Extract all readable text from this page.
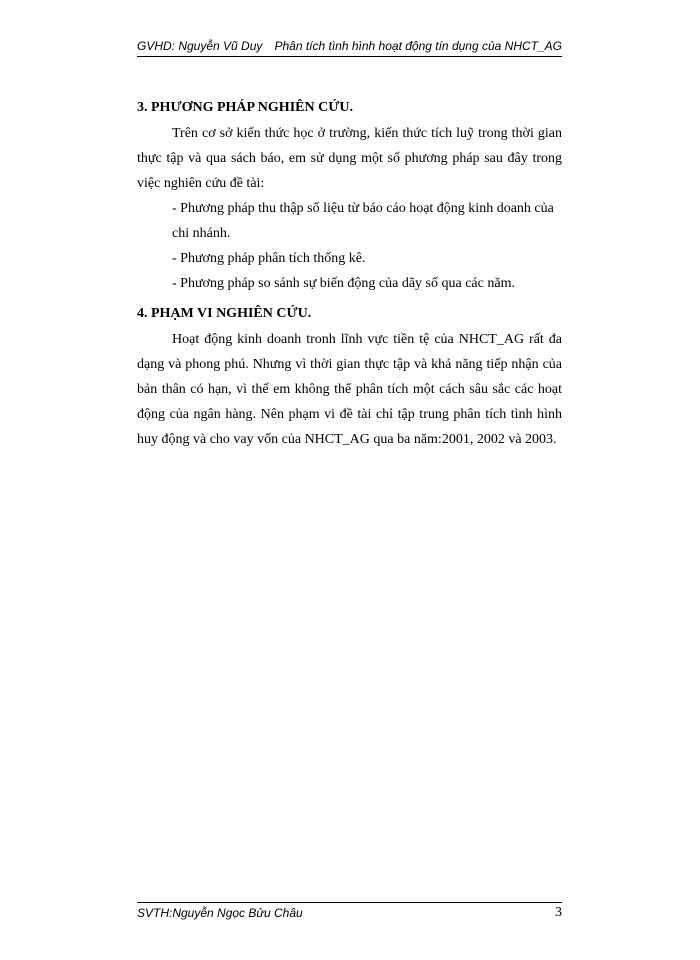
GVHD: Nguyễn Vũ Duy Phân tích tình hình hoạt động tín dụng của NHCT_AG
3. PHƯƠNG PHÁP NGHIÊN CỨU.

Trên cơ sở kiến thức học ở trường, kiến thức tích luỹ trong thời gian thực tập và qua sách báo, em sử dụng một số phương pháp sau đây trong việc nghiên cứu đề tài:

- Phương pháp thu thập số liệu từ báo cáo hoạt động kinh doanh của chi nhánh.

- Phương pháp phân tích thống kê.

- Phương pháp so sánh sự biến động của dãy số qua các năm.

4. PHẠM VI NGHIÊN CỨU.

Hoạt động kinh doanh tronh lĩnh vực tiền tệ của NHCT_AG rất đa dạng và phong phú. Nhưng vì thời gian thực tập và khả năng tiếp nhận của bản thân có hạn, vì thế em không thể phân tích một cách sâu sắc các hoạt động của ngân hàng. Nên phạm vi đề tài chỉ tập trung phân tích tình hình huy động và cho vay vốn của NHCT_AG qua ba năm:2001, 2002 và 2003.

SVTH:Nguyễn Ngọc Bửu Châu	3
